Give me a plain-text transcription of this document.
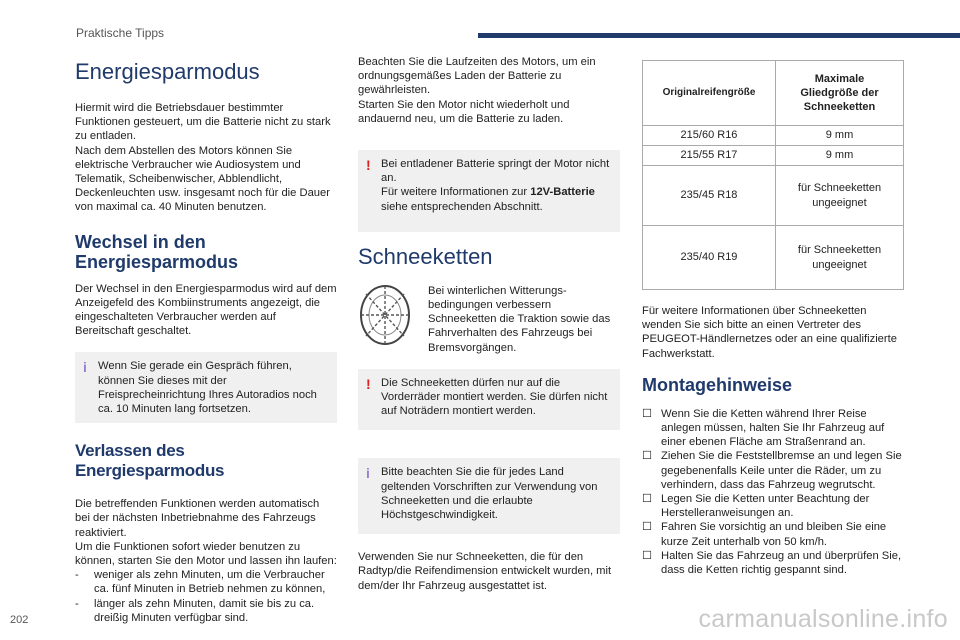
Praktische Tipps
Energiesparmodus

Hiermit wird die Betriebsdauer bestimmter Funktionen gesteuert, um die Batterie nicht zu stark zu entladen.

Nach dem Abstellen des Motors können Sie elektrische Verbraucher wie Audiosystem und Telematik, Scheibenwischer, Abblendlicht, Deckenleuchten usw. insgesamt noch für die Dauer von maximal ca. 40 Minuten benutzen.

Wechsel in den Energiesparmodus

Der Wechsel in den Energiesparmodus wird auf dem Anzeigefeld des Kombiinstruments angezeigt, die eingeschalteten Verbraucher werden auf Bereitschaft geschaltet.

i Wenn Sie gerade ein Gespräch führen, können Sie dieses mit der Freisprecheinrichtung Ihres Autoradios noch ca. 10 Minuten lang fortsetzen.

Verlassen des Energiesparmodus

Die betreffenden Funktionen werden automatisch bei der nächsten Inbetriebnahme des Fahrzeugs reaktiviert.

Um die Funktionen sofort wieder benutzen zu können, starten Sie den Motor und lassen ihn laufen:

- weniger als zehn Minuten, um die Verbraucher ca. fünf Minuten in Betrieb nehmen zu können,
- länger als zehn Minuten, damit sie bis zu ca. dreißig Minuten verfügbar sind.

Beachten Sie die Laufzeiten des Motors, um ein ordnungsgemäßes Laden der Batterie zu gewährleisten.

Starten Sie den Motor nicht wiederholt und andauernd neu, um die Batterie zu laden.

! Bei entladener Batterie springt der Motor nicht an.

Für weitere Informationen zur 12V-Batterie siehe entsprechenden Abschnitt.

Schneeketten

Bei winterlichen Witterungs-bedingungen verbessern Schneeketten die Traktion sowie das Fahrverhalten des Fahrzeugs bei Bremsvorgängen.

! Die Schneeketten dürfen nur auf die Vorderräder montiert werden. Sie dürfen nicht auf Noträdern montiert werden.

i Bitte beachten Sie die für jedes Land geltenden Vorschriften zur Verwendung von Schneeketten und die erlaubte Höchstgeschwindigkeit.

Verwenden Sie nur Schneeketten, die für den Radtyp/die Reifendimension entwickelt wurden, mit dem/der Ihr Fahrzeug ausgestattet ist.

Originalreifengröße	Maximale Gliedgröße der Schneeketten
215/60 R16	9 mm
215/55 R17	9 mm
235/45 R18	für Schneeketten ungeeignet
235/40 R19	für Schneeketten ungeeignet

Für weitere Informationen über Schneeketten wenden Sie sich bitte an einen Vertreter des PEUGEOT-Händlernetzes oder an eine qualifizierte Fachwerkstatt.

Montagehinweise
☐ Wenn Sie die Ketten während Ihrer Reise anlegen müssen, halten Sie Ihr Fahrzeug auf einer ebenen Fläche am Straßenrand an.
☐ Ziehen Sie die Feststellbremse an und legen Sie gegebenenfalls Keile unter die Räder, um zu verhindern, dass das Fahrzeug wegrutscht.
☐ Legen Sie die Ketten unter Beachtung der Herstelleranweisungen an.
☐ Fahren Sie vorsichtig an und bleiben Sie eine kurze Zeit unterhalb von 50 km/h.
☐ Halten Sie das Fahrzeug an und überprüfen Sie, dass die Ketten richtig gespannt sind.
202	carmanualsonline.info
